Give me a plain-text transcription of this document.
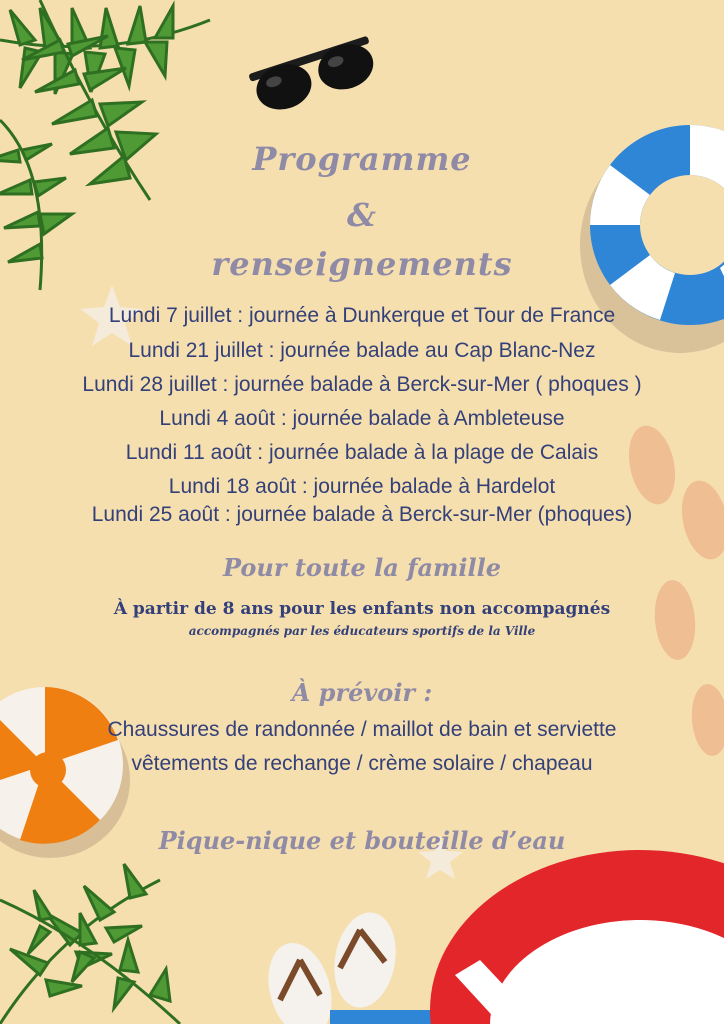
Programme
&
renseignements
Lundi 7 juillet : journée à Dunkerque et Tour de France
Lundi 21 juillet : journée balade au Cap Blanc-Nez
Lundi 28 juillet : journée balade à Berck-sur-Mer ( phoques )
Lundi 4 août : journée balade à Ambleteuse
Lundi 11 août : journée balade à la plage de Calais
Lundi 18 août : journée balade à Hardelot
Lundi 25 août : journée balade à Berck-sur-Mer (phoques)
Pour toute la famille
À partir de 8 ans pour les enfants non accompagnés
accompagnés par les éducateurs sportifs de la Ville
À prévoir :
Chaussures de randonnée / maillot de bain et serviette
vêtements de rechange / crème solaire / chapeau
Pique-nique et bouteille d’eau
